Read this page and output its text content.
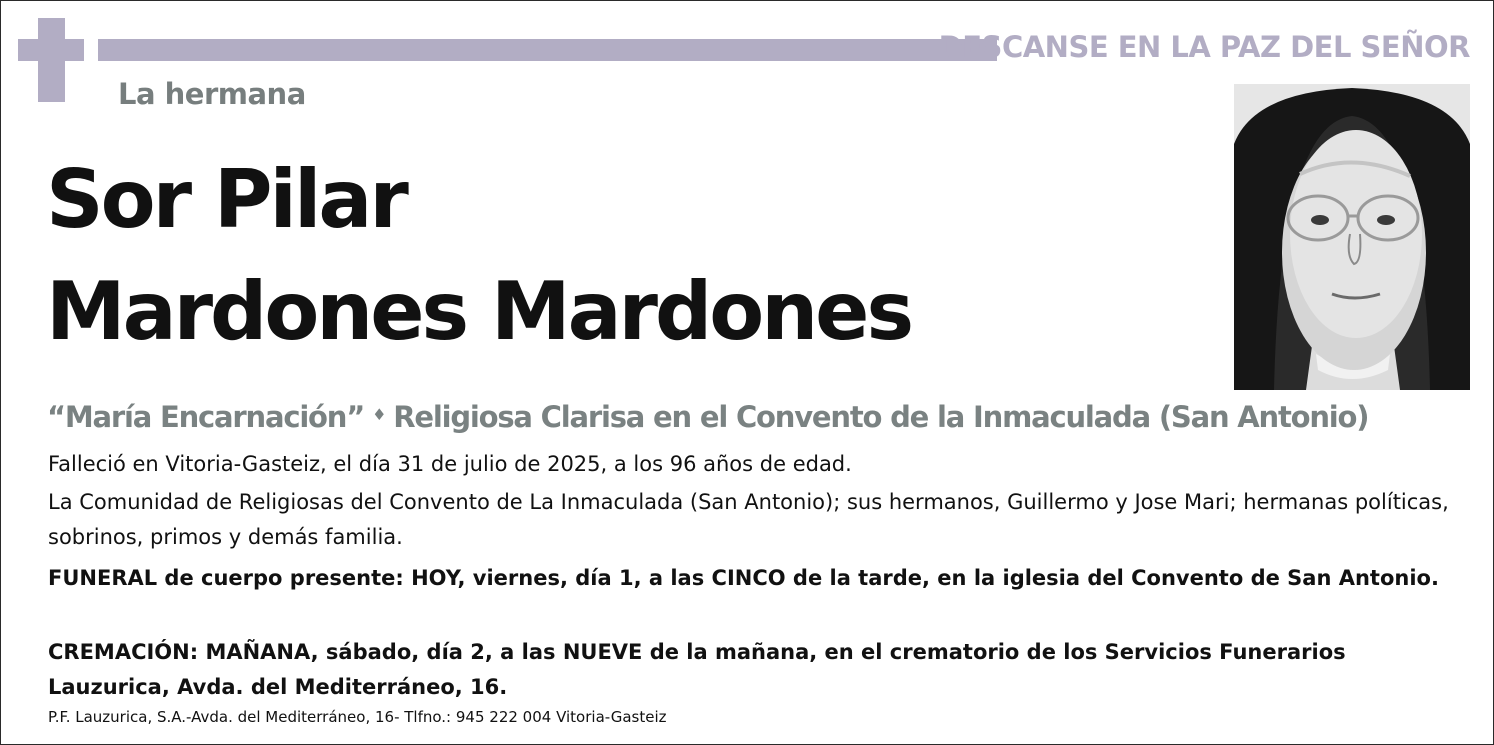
DESCANSE EN LA PAZ DEL SEÑOR
La hermana
Sor Pilar
Mardones Mardones
“María Encarnación” ♦ Religiosa Clarisa en el Convento de la Inmaculada (San Antonio)
Falleció en Vitoria-Gasteiz, el día 31 de julio de 2025, a los 96 años de edad.
La Comunidad de Religiosas del Convento de La Inmaculada (San Antonio); sus hermanos, Guillermo y Jose Mari; hermanas políticas, sobrinos, primos y demás familia.
FUNERAL de cuerpo presente: HOY, viernes, día 1, a las CINCO de la tarde, en la iglesia del Convento de San Antonio.
CREMACIÓN: MAÑANA, sábado, día 2, a las NUEVE de la mañana, en el crematorio de los Servicios Funerarios Lauzurica, Avda. del Mediterráneo, 16.
P.F. Lauzurica, S.A.-Avda. del Mediterráneo, 16- Tlfno.: 945 222 004 Vitoria-Gasteiz
